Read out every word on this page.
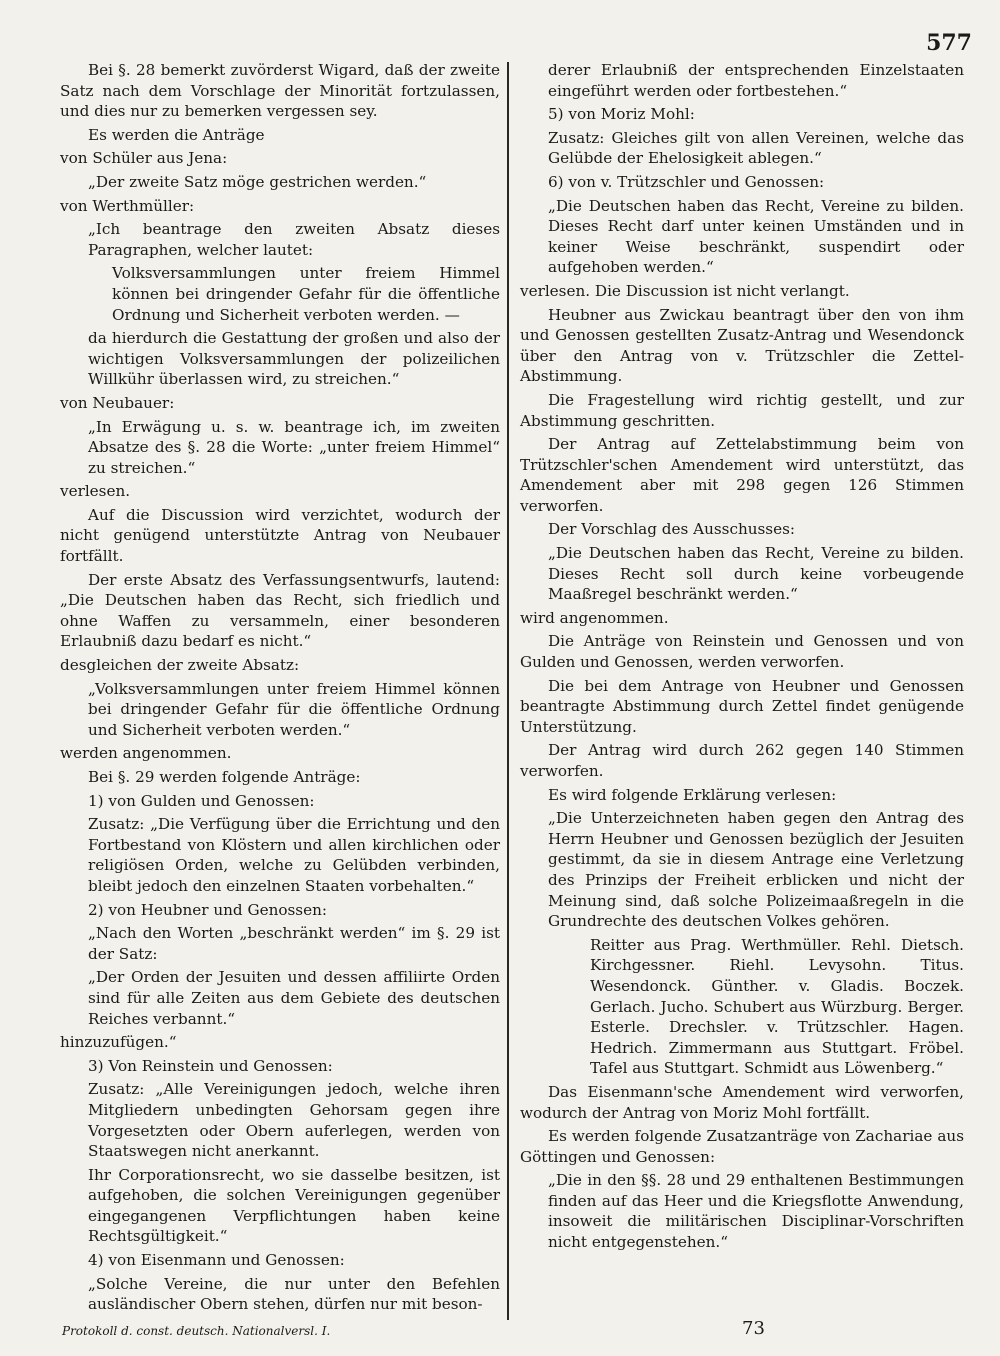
577

Bei §. 28 bemerkt zuvörderst Wigard, daß der zweite Satz nach dem Vorschlage der Minorität fortzulassen, und dies nur zu bemerken vergessen sey.

Es werden die Anträge

von Schüler aus Jena:

„Der zweite Satz möge gestrichen werden.“

von Werthmüller:

„Ich beantrage den zweiten Absatz dieses Paragraphen, welcher lautet:

Volksversammlungen unter freiem Himmel können bei dringender Gefahr für die öffentliche Ordnung und Sicherheit verboten werden. —

da hierdurch die Gestattung der großen und also der wichtigen Volksversammlungen der polizeilichen Willkühr überlassen wird, zu streichen.“

von Neubauer:

„In Erwägung u. s. w. beantrage ich, im zweiten Absatze des §. 28 die Worte: „unter freiem Himmel“ zu streichen.“

verlesen.

Auf die Discussion wird verzichtet, wodurch der nicht genügend unterstützte Antrag von Neubauer fortfällt.

Der erste Absatz des Verfassungsentwurfs, lautend: „Die Deutschen haben das Recht, sich friedlich und ohne Waffen zu versammeln, einer besonderen Erlaubniß dazu bedarf es nicht.“

desgleichen der zweite Absatz:

„Volksversammlungen unter freiem Himmel können bei dringender Gefahr für die öffentliche Ordnung und Sicherheit verboten werden.“

werden angenommen.

Bei §. 29 werden folgende Anträge:

1) von Gulden und Genossen:

Zusatz: „Die Verfügung über die Errichtung und den Fortbestand von Klöstern und allen kirchlichen oder religiösen Orden, welche zu Gelübden verbinden, bleibt jedoch den einzelnen Staaten vorbehalten.“

2) von Heubner und Genossen:

„Nach den Worten „beschränkt werden“ im §. 29 ist der Satz:

„Der Orden der Jesuiten und dessen affiliirte Orden sind für alle Zeiten aus dem Gebiete des deutschen Reiches verbannt.“

hinzuzufügen.“

3) Von Reinstein und Genossen:

Zusatz: „Alle Vereinigungen jedoch, welche ihren Mitgliedern unbedingten Gehorsam gegen ihre Vorgesetzten oder Obern auferlegen, werden von Staatswegen nicht anerkannt.

Ihr Corporationsrecht, wo sie dasselbe besitzen, ist aufgehoben, die solchen Vereinigungen gegenüber eingegangenen Verpflichtungen haben keine Rechtsgültigkeit.“

4) von Eisenmann und Genossen:

„Solche Vereine, die nur unter den Befehlen ausländischer Obern stehen, dürfen nur mit beson-

derer Erlaubniß der entsprechenden Einzelstaaten eingeführt werden oder fortbestehen.“

5) von Moriz Mohl:

Zusatz: Gleiches gilt von allen Vereinen, welche das Gelübde der Ehelosigkeit ablegen.“

6) von v. Trützschler und Genossen:

„Die Deutschen haben das Recht, Vereine zu bilden. Dieses Recht darf unter keinen Umständen und in keiner Weise beschränkt, suspendirt oder aufgehoben werden.“

verlesen. Die Discussion ist nicht verlangt.

Heubner aus Zwickau beantragt über den von ihm und Genossen gestellten Zusatz-Antrag und Wesendonck über den Antrag von v. Trützschler die Zettel-Abstimmung.

Die Fragestellung wird richtig gestellt, und zur Abstimmung geschritten.

Der Antrag auf Zettelabstimmung beim von Trützschler'schen Amendement wird unterstützt, das Amendement aber mit 298 gegen 126 Stimmen verworfen.

Der Vorschlag des Ausschusses:

„Die Deutschen haben das Recht, Vereine zu bilden. Dieses Recht soll durch keine vorbeugende Maaßregel beschränkt werden.“

wird angenommen.

Die Anträge von Reinstein und Genossen und von Gulden und Genossen, werden verworfen.

Die bei dem Antrage von Heubner und Genossen beantragte Abstimmung durch Zettel findet genügende Unterstützung.

Der Antrag wird durch 262 gegen 140 Stimmen verworfen.

Es wird folgende Erklärung verlesen:

„Die Unterzeichneten haben gegen den Antrag des Herrn Heubner und Genossen bezüglich der Jesuiten gestimmt, da sie in diesem Antrage eine Verletzung des Prinzips der Freiheit erblicken und nicht der Meinung sind, daß solche Polizeimaaßregeln in die Grundrechte des deutschen Volkes gehören.

Reitter aus Prag. Werthmüller. Rehl. Dietsch. Kirchgessner. Riehl. Levysohn. Titus. Wesendonck. Günther. v. Gladis. Boczek. Gerlach. Jucho. Schubert aus Würzburg. Berger. Esterle. Drechsler. v. Trützschler. Hagen. Hedrich. Zimmermann aus Stuttgart. Fröbel. Tafel aus Stuttgart. Schmidt aus Löwenberg.“

Das Eisenmann'sche Amendement wird verworfen, wodurch der Antrag von Moriz Mohl fortfällt.

Es werden folgende Zusatzanträge von Zachariae aus Göttingen und Genossen:

„Die in den §§. 28 und 29 enthaltenen Bestimmungen finden auf das Heer und die Kriegsflotte Anwendung, insoweit die militärischen Disciplinar-Vorschriften nicht entgegenstehen.“

Protokoll d. const. deutsch. Nationalversl. I.	73
